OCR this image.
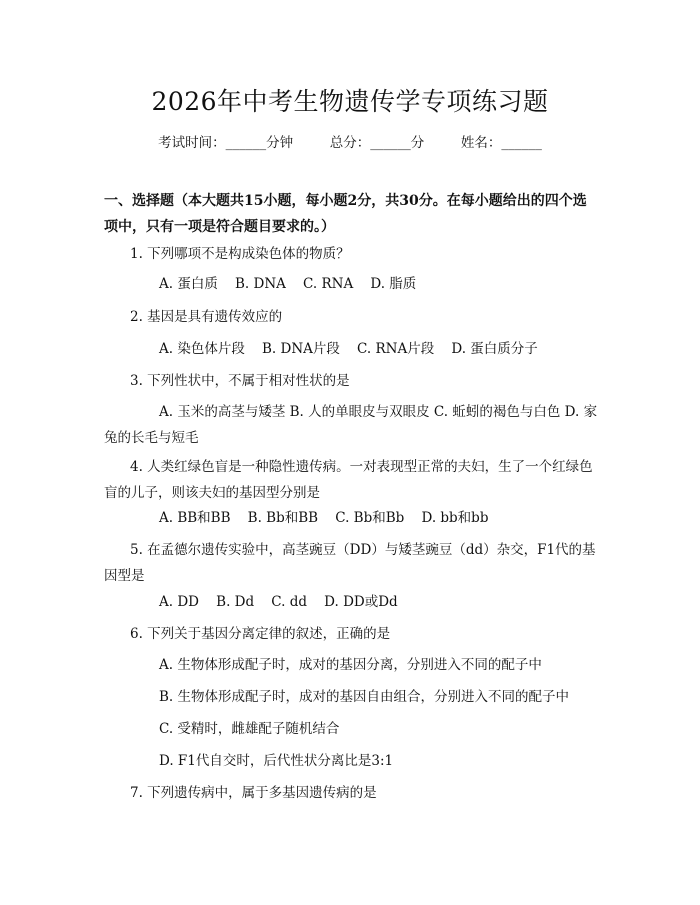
2026年中考生物遗传学专项练习题
考试时间：______分钟	总分：______分	姓名：______
一、选择题（本大题共15小题，每小题2分，共30分。在每小题给出的四个选
项中，只有一项是符合题目要求的。）
1. 下列哪项不是构成染色体的物质？
A. 蛋白质    B. DNA    C. RNA    D. 脂质
2. 基因是具有遗传效应的
A. 染色体片段    B. DNA片段    C. RNA片段    D. 蛋白质分子
3. 下列性状中，不属于相对性状的是
A. 玉米的高茎与矮茎 B. 人的单眼皮与双眼皮 C. 蚯蚓的褐色与白色 D. 家兔的长毛与短毛
4. 人类红绿色盲是一种隐性遗传病。一对表现型正常的夫妇，生了一个红绿色盲的儿子，则该夫妇的基因型分别是
A. BB和BB    B. Bb和BB    C. Bb和Bb    D. bb和bb
5. 在孟德尔遗传实验中，高茎豌豆（DD）与矮茎豌豆（dd）杂交，F1代的基因型是
A. DD    B. Dd    C. dd    D. DD或Dd
6. 下列关于基因分离定律的叙述，正确的是
A. 生物体形成配子时，成对的基因分离，分别进入不同的配子中
B. 生物体形成配子时，成对的基因自由组合，分别进入不同的配子中
C. 受精时，雌雄配子随机结合
D. F1代自交时，后代性状分离比是3:1
7. 下列遗传病中，属于多基因遗传病的是
